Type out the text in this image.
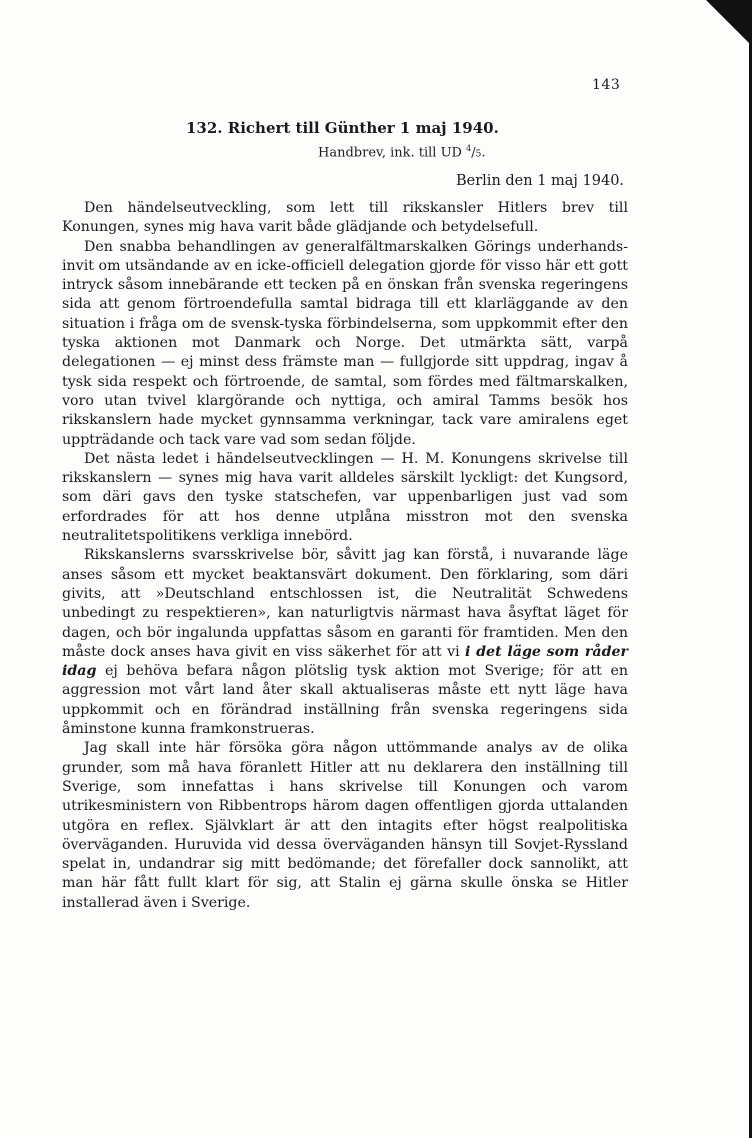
143
132. Richert till Günther 1 maj 1940.
Handbrev, ink. till UD $^4$/5.
Berlin den 1 maj 1940.

Den händelseutveckling, som lett till rikskansler Hitlers brev till Konungen, synes mig hava varit både glädjande och betydelsefull.

Den snabba behandlingen av generalfältmarskalken Görings underhands-invit om utsändande av en icke-officiell delegation gjorde för visso här ett gott intryck såsom innebärande ett tecken på en önskan från svenska regeringens sida att genom förtroendefulla samtal bidraga till ett klarläggande av den situation i fråga om de svensk-tyska förbindelserna, som uppkommit efter den tyska aktionen mot Danmark och Norge. Det utmärkta sätt, varpå delegationen — ej minst dess främste man — fullgjorde sitt uppdrag, ingav å tysk sida respekt och förtroende, de samtal, som fördes med fältmarskalken, voro utan tvivel klargörande och nyttiga, och amiral Tamms besök hos rikskanslern hade mycket gynnsamma verkningar, tack vare amiralens eget uppträdande och tack vare vad som sedan följde.

Det nästa ledet i händelseutvecklingen — H. M. Konungens skrivelse till rikskanslern — synes mig hava varit alldeles särskilt lyckligt: det Kungsord, som däri gavs den tyske statschefen, var uppenbarligen just vad som erfordrades för att hos denne utplåna misstron mot den svenska neutralitetspolitikens verkliga innebörd.

Rikskanslerns svarsskrivelse bör, såvitt jag kan förstå, i nuvarande läge anses såsom ett mycket beaktansvärt dokument. Den förklaring, som däri givits, att »Deutschland entschlossen ist, die Neutralität Schwedens unbedingt zu respektieren», kan naturligtvis närmast hava åsyftat läget för dagen, och bör ingalunda uppfattas såsom en garanti för framtiden. Men den måste dock anses hava givit en viss säkerhet för att vi i det läge som råder idag ej behöva befara någon plötslig tysk aktion mot Sverige; för att en aggression mot vårt land åter skall aktualiseras måste ett nytt läge hava uppkommit och en förändrad inställning från svenska regeringens sida åminstone kunna framkonstrueras.

Jag skall inte här försöka göra någon uttömmande analys av de olika grunder, som må hava föranlett Hitler att nu deklarera den inställning till Sverige, som innefattas i hans skrivelse till Konungen och varom utrikesministern von Ribbentrops härom dagen offentligen gjorda uttalanden utgöra en reflex. Självklart är att den intagits efter högst realpolitiska överväganden. Huruvida vid dessa överväganden hänsyn till Sovjet-Ryssland spelat in, undandrar sig mitt bedömande; det förefaller dock sannolikt, att man här fått fullt klart för sig, att Stalin ej gärna skulle önska se Hitler installerad även i Sverige.
